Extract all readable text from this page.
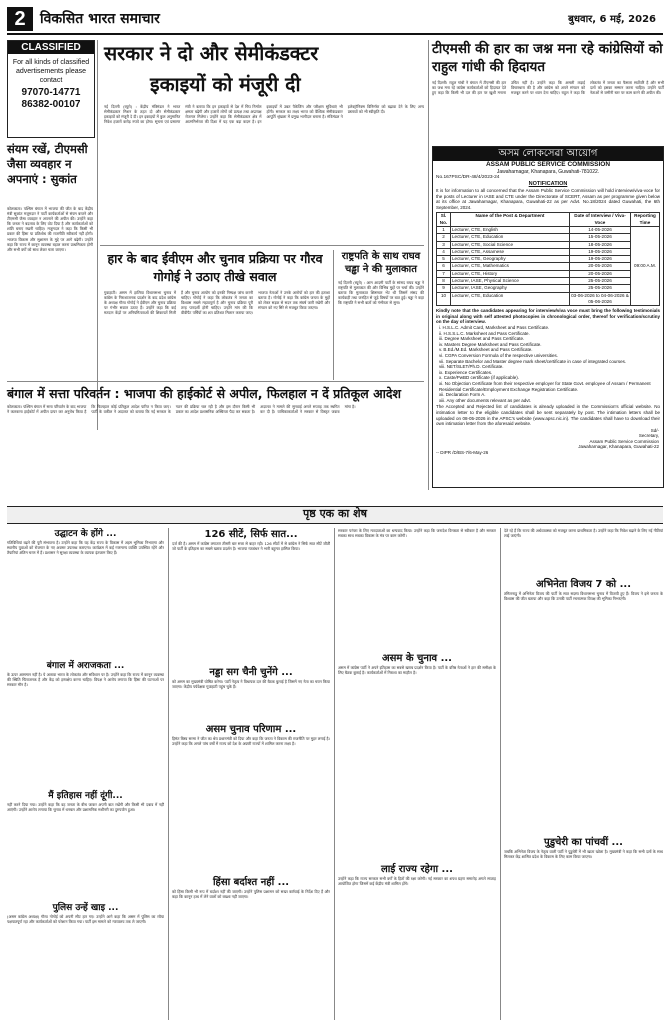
2	विकसित भारत समाचार	बुधवार, 6 मई, 2026
CLASSIFIED
For all kinds of classified advertisements please contact
97070-14771
86382-00107
संयम रखें, टीएमसी जैसा व्यवहार न अपनाएं : सुकांत
कोलकाता। पश्चिम बंगाल में भाजपा की जीत के बाद केंद्रीय मंत्री सुकांत मजूमदार ने पार्टी कार्यकर्ताओं से संयम बरतने और टीएमसी जैसा व्यवहार न अपनाने की अपील की। उन्होंने कहा कि जनता ने बदलाव के लिए वोट दिया है और कार्यकर्ताओं को शांति बनाए रखनी चाहिए। मजूमदार ने कहा कि किसी भी प्रकार की हिंसा या प्रतिशोध की राजनीति स्वीकार्य नहीं होगी। भाजपा विकास और सुशासन के मुद्दे पर आगे बढ़ेगी। उन्होंने कहा कि राज्य में कानून व्यवस्था बहाल करना प्राथमिकता होगी और सभी वर्गों को साथ लेकर चला जाएगा।
सरकार ने दो और सेमीकंडक्टर
इकाइयों को मंजूरी दी
नई दिल्ली (ब्यूरो) : केंद्रीय मंत्रिमंडल ने भारत सेमीकंडक्टर मिशन के तहत दो और सेमीकंडक्टर इकाइयों को मंजूरी दे दी। इन इकाइयों में कुल अनुमानित निवेश हजारों करोड़ रुपये का होगा। सूचना एवं प्रसारण मंत्री ने बताया कि इन इकाइयों से देश में चिप निर्माण क्षमता बढ़ेगी और हजारों लोगों को प्रत्यक्ष तथा अप्रत्यक्ष रोजगार मिलेगा। उन्होंने कहा कि सेमीकंडक्टर क्षेत्र में आत्मनिर्भरता की दिशा में यह एक बड़ा कदम है। इन इकाइयों में उन्नत पैकेजिंग और परीक्षण सुविधाएं भी होंगी। सरकार का लक्ष्य भारत को वैश्विक सेमीकंडक्टर आपूर्ति श्रृंखला में प्रमुख भागीदार बनाना है। मंत्रिमंडल ने इलेक्ट्रॉनिक्स विनिर्माण को बढ़ावा देने के लिए अन्य प्रस्तावों को भी स्वीकृति दी।
हार के बाद ईवीएम और चुनाव प्रक्रिया पर गौरव गोगोई ने उठाए तीखे सवाल
गुवाहाटी। असम में हालिया विधानसभा चुनाव में कांग्रेस के निराशाजनक प्रदर्शन के बाद प्रदेश कांग्रेस के अध्यक्ष गौरव गोगोई ने ईवीएम और चुनाव प्रक्रिया पर गंभीर सवाल उठाए हैं। उन्होंने कहा कि कई मतदान केंद्रों पर अनियमितताओं की शिकायतें मिली हैं और चुनाव आयोग को इनकी निष्पक्ष जांच करनी चाहिए। गोगोई ने कहा कि लोकतंत्र में जनता का विश्वास सबसे महत्वपूर्ण है और चुनाव प्रक्रिया पूरी तरह पारदर्शी होनी चाहिए। उन्होंने मांग की कि वीवीपैट पर्चियों का शत प्रतिशत मिलान कराया जाए। भाजपा नेताओं ने उनके आरोपों को हार की हताशा बताया है। गोगोई ने कहा कि कांग्रेस जनता के मुद्दों को लेकर सड़क से सदन तक संघर्ष जारी रखेगी और संगठन को नए सिरे से मजबूत किया जाएगा।
राष्ट्रपति के साथ राघव चड्ढा ने की मुलाकात
नई दिल्ली (ब्यूरो) : आम आदमी पार्टी के सांसद राघव चड्ढा ने राष्ट्रपति से मुलाकात की और विभिन्न मुद्दों पर चर्चा की। उन्होंने बताया कि मुलाकात शिष्टाचार भेंट थी जिसमें संसद की कार्यवाही तथा जनहित से जुड़े विषयों पर बात हुई। चड्ढा ने कहा कि राष्ट्रपति ने सभी बातों को गंभीरता से सुना।
बंगाल में सत्ता परिवर्तन : भाजपा की हाईकोर्ट से अपील, फिलहाल न दें प्रतिकूल आदेश
कोलकाता। पश्चिम बंगाल में सत्ता परिवर्तन के बाद भाजपा ने कलकत्ता हाईकोर्ट में अपील दायर कर अनुरोध किया है कि फिलहाल कोई प्रतिकूल आदेश पारित न किया जाए। पार्टी के वकील ने अदालत को बताया कि नई सरकार के गठन की प्रक्रिया चल रही है और इस दौरान किसी भी प्रकार का आदेश प्रशासनिक अस्थिरता पैदा कर सकता है। अदालत ने मामले की सुनवाई अगले सप्ताह तक स्थगित कर दी है। याचिकाकर्ताओं ने सरकार से विस्तृत जवाब मांगा है।
टीएमसी की हार का जश्न मना रहे कांग्रेसियों को राहुल गांधी की हिदायत
नई दिल्ली। राहुल गांधी ने बंगाल में टीएमसी की हार का जश्न मना रहे कांग्रेस कार्यकर्ताओं को हिदायत देते हुए कहा कि किसी भी दल की हार पर खुशी मनाना उचित नहीं है। उन्होंने कहा कि असली लड़ाई विचारधारा की है और कांग्रेस को अपने संगठन को मजबूत करने पर ध्यान देना चाहिए। राहुल ने कहा कि लोकतंत्र में जनता का फैसला सर्वोपरि है और सभी दलों को इसका सम्मान करना चाहिए। उन्होंने पार्टी नेताओं से जमीनी स्तर पर काम करने की अपील की।
অসম লোকসেৱা আয়োগ
ASSAM PUBLIC SERVICE COMMISSION
Jawaharnagar, Khanapara, Guwahati-781022.
No.167PSC/DR-48/4/2023-24
NOTIFICATION
It is for information to all concerned that the Assam Public Service Commission will hold interview/viva-voce for the posts of Lecturer in IASE and CTE under the Directorate of SCERT, Assam as per programme given below at its office at Jawaharnagar, Khanapara, Guwahati-22 as per Advt. No.18/2024 dated Guwahati, the 6th September, 2024.
Sl. No.	Name of the Post & Department	Date of Interview / Viva-Voce	Reporting Time
1	Lecturer, CTE, English	14-05-2026	09:00 A.M.
2	Lecturer, CTE, Education	15-05-2026	
3	Lecturer, CTE, Social Science	18-05-2026	
4	Lecturer, CTE, Assamese	19-05-2026	
5	Lecturer, CTE, Geography	19-05-2026	
6	Lecturer, CTE, Mathematics	20-05-2026	
7	Lecturer, CTE, History	20-05-2026	
8	Lecturer, IASE, Physical Science	25-05-2026	
9	Lecturer, IASE, Geography	25-05-2026	
10	Lecturer, CTE, Education	03-06-2026 to 04-06-2026 & 05-06-2026	
Kindly note that the candidates appearing for interview/viva voce must bring the following testimonials in original along with self attested photocopies in chronological order, thereof for verification/scrutiny on the day of interview.
i. H.S.L.C. Admit Card, Marksheet and Pass Certificate.
ii. H.S.S.L.C. Marksheet and Pass Certificate.
iii. Degree Marksheet and Pass Certificate.
iv. Masters Degree Marksheet and Pass Certificate.
v. B.Ed./M.Ed. Marksheet and Pass Certificate.
vi. CGPA Conversion Formula of the respective universities.
vii. Separate Bachelor and Master degree mark sheet/certificate in case of integrated courses.
viii. NET/SLET/Ph.D. Certificate.
ix. Experience Certificates.
x. Caste/PwBD certificate (if applicable).
xi. No Objection Certificate from their respective employer for State Govt. employee of Assam / Permanent Residential Certificate/Employment Exchange Registration Certificate.
xii. Declaration Form A.
xiii. Any other documents relevant as per advt.
The Accepted and Rejected list of candidates is already uploaded in the Commission's official website. No intimation letter to the eligible candidates shall be sent separately by post. The intimation letters shall be uploaded on 08-05-2026 in the APSC's website (www.apsc.nic.in). The candidates shall have to download their own intimation letter from the aforesaid website.
Sd/-
Secretary,
Assam Public Service Commission
Jawaharnagar, Khanapara, Guwahati-22
-- DIPR /D/BS-7/6-May-26
पृष्ठ एक का शेष
उद्घाटन के होंगे ...
गतिविधियां बढ़ने की पूरी संभावना है। उन्होंने कहा कि यह केंद्र राज्य के विकास में अहम भूमिका निभाएगा और स्थानीय युवाओं को रोजगार के नए अवसर उपलब्ध कराएगा। कार्यक्रम में कई गणमान्य व्यक्ति उपस्थित रहेंगे और तैयारियां अंतिम चरण में हैं। प्रशासन ने सुरक्षा व्यवस्था के व्यापक इंतजाम किए हैं।
बंगाल में अराजकता ...
के ऊपर आसमान नहीं है। ये अलावा भारत के लोकतंत्र और सविधान पर है। उन्होंने कहा कि राज्य में कानून व्यवस्था की स्थिति चिंताजनक है और केंद्र को हस्तक्षेप करना चाहिए। विपक्ष ने आरोप लगाया कि हिंसा की घटनाओं पर सरकार मौन है।
मैं इतिहास नहीं दूंगी...
नहीं करने दिया गया। उन्होंने कहा कि वह जनता के बीच जाकर अपनी बात रखेंगी और किसी भी दबाव में नहीं आएंगी। उन्होंने आरोप लगाया कि चुनाव में धनबल और प्रशासनिक मशीनरी का दुरुपयोग हुआ।
पुलिस उन्हें खाइ ...
(असम कांग्रेस अध्यक्ष) गौरव गोगोई को अपनी सीट हार गए। उन्होंने आगे कहा कि असम में पुलिस का रवैया पक्षपातपूर्ण रहा और कार्यकर्ताओं को परेशान किया गया। पार्टी इस मामले को न्यायालय तक ले जाएगी।
126 सीटें, सिर्फ सात...
दर्ज की है। असम में कांग्रेस लगातार तीसरी बार सत्ता से बाहर रही। 126 सीटों में से कांग्रेस ने सिर्फ सात सीटें जीतीं जो पार्टी के इतिहास का सबसे खराब प्रदर्शन है। भाजपा गठबंधन ने भारी बहुमत हासिल किया।
नड्डा सग चैनी चुनेंगे ...
को असम का मुख्यमंत्री घोषित करेगा। पार्टी नेतृत्व ने विधायक दल की बैठक बुलाई है जिसमें नए नेता का चयन किया जाएगा। केंद्रीय पर्यवेक्षक गुवाहाटी पहुंच चुके हैं।
असम चुनाव परिणाम ...
हिमंत बिस्व सरमा ने जीत का श्रेय प्रधानमंत्री को दिया और कहा कि जनता ने विकास की राजनीति पर मुहर लगाई है। उन्होंने कहा कि अगले पांच वर्षों में राज्य को देश के अग्रणी राज्यों में शामिल करना लक्ष्य है।
हिंसा बर्दाश्त नहीं ...
को हिंसा किसी भी रूप में बर्दाश्त नहीं की जाएगी। उन्होंने पुलिस प्रशासन को सख्त कार्रवाई के निर्देश दिए हैं और कहा कि कानून हाथ में लेने वालों को बख्शा नहीं जाएगा।
सरकार परंपरा के लिए मतदाताओं का धन्यवाद किया। उन्होंने कहा कि जनादेश विनम्रता से स्वीकार है और सरकार सबका साथ सबका विकास के मंत्र पर काम करेगी।
असम के चुनाव ...
असम में कांग्रेस पार्टी ने अपने इतिहास का सबसे खराब प्रदर्शन किया है। पार्टी के वरिष्ठ नेताओं ने हार की समीक्षा के लिए बैठक बुलाई है। कार्यकर्ताओं में निराशा का माहौल है।
लाई राज्य रहेगा ...
उन्होंने कहा कि राज्य सरकार सभी वर्गों के हितों की रक्षा करेगी। नई सरकार का शपथ ग्रहण समारोह अगले सप्ताह आयोजित होगा जिसमें कई केंद्रीय मंत्री शामिल होंगे।
देते रहे हैं कि राज्य की अर्थव्यवस्था को मजबूत करना प्राथमिकता है। उन्होंने कहा कि निवेश बढ़ाने के लिए नई नीतियां लाई जाएंगी।
अभिनेता विजय 7 को ...
तमिलनाडु में अभिनेता विजय की पार्टी के सात सदस्य विधानसभा चुनाव में विजयी हुए हैं। विजय ने इसे जनता के विश्वास की जीत बताया और कहा कि उनकी पार्टी रचनात्मक विपक्ष की भूमिका निभाएगी।
पुडुचेरी का पांचवीं ...
जबकि अभिनेता विजय के नेतृत्व वाली पार्टी ने पुडुचेरी में भी खाता खोला है। मुख्यमंत्री ने कहा कि सभी दलों के साथ मिलकर केंद्र शासित प्रदेश के विकास के लिए काम किया जाएगा।
